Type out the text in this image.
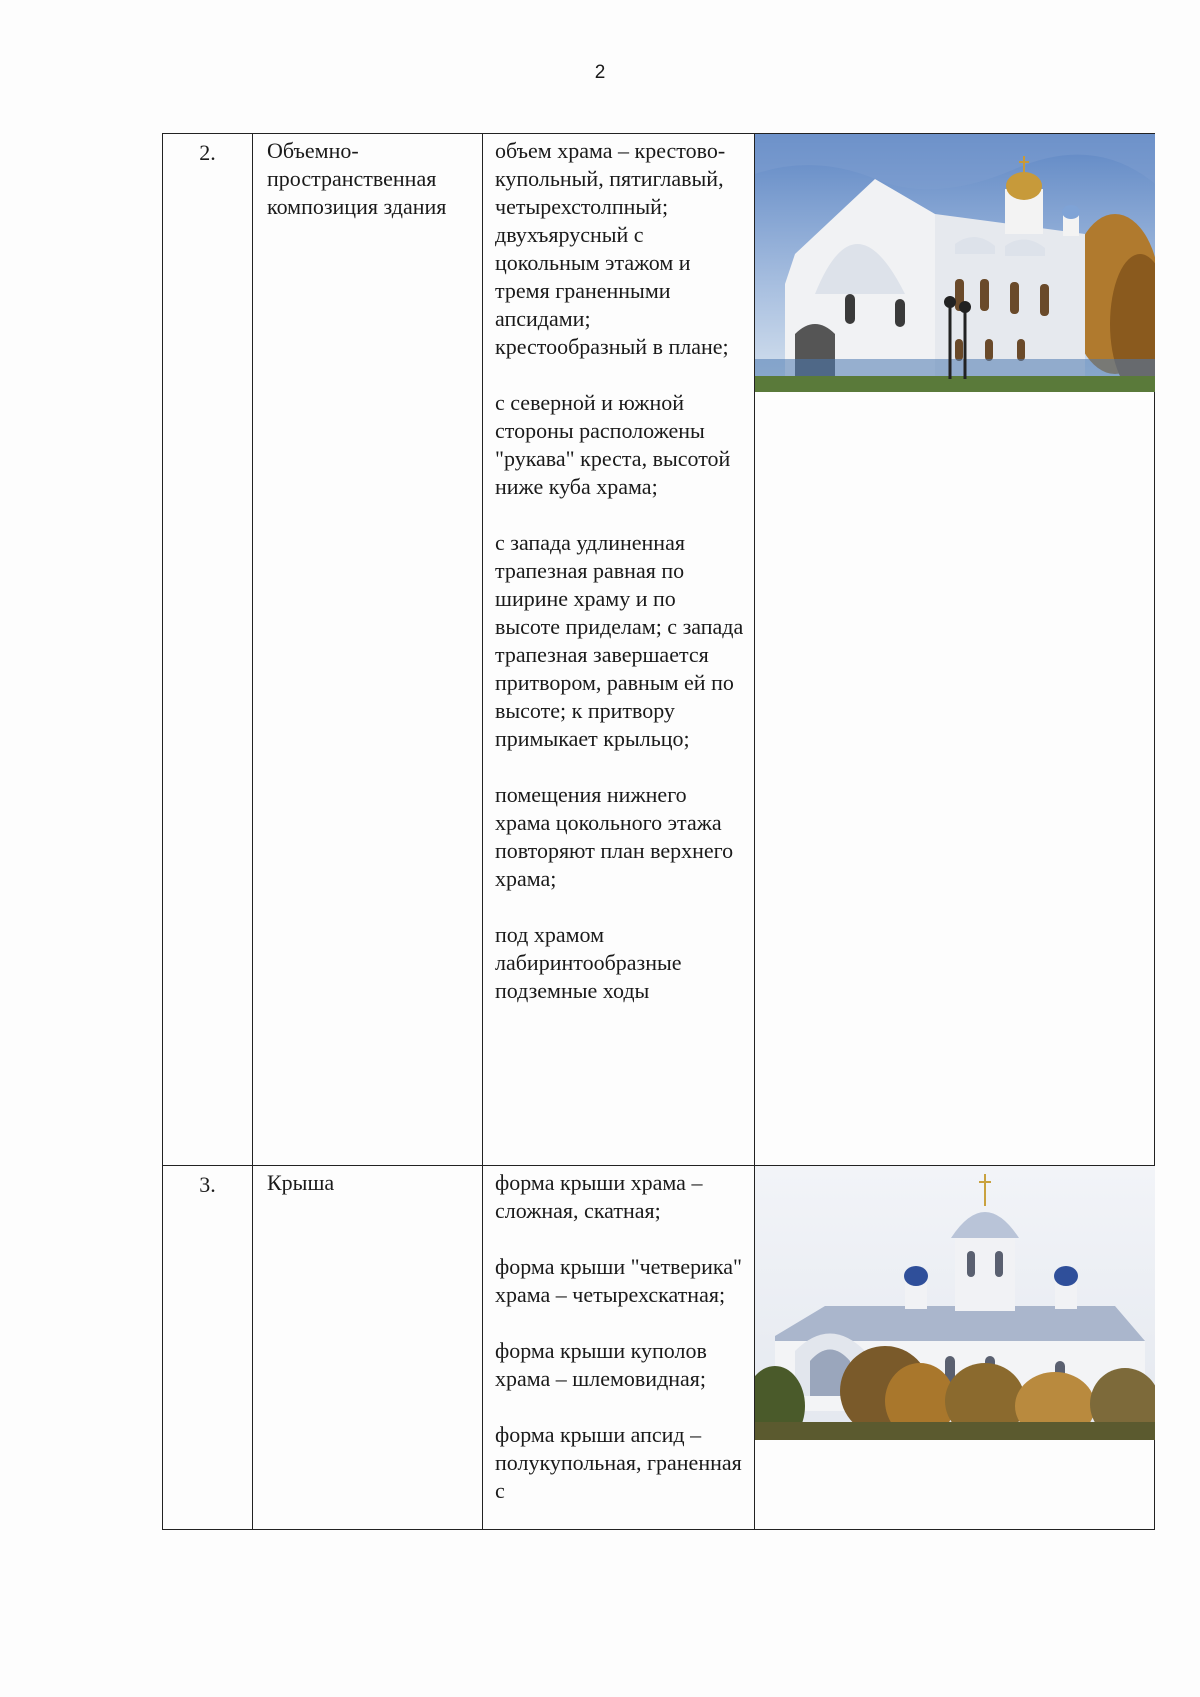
2
2.	Объемно-пространственная композиция здания	объем храма – крестово-купольный, пятиглавый, четырехстолпный; двухъярусный с цокольным этажом и тремя граненными апсидами; крестообразный в плане;

с северной и южной стороны расположены "рукава" креста, высотой ниже куба храма;

с запада удлиненная трапезная равная по ширине храму и по высоте приделам; с запада трапезная завершается притвором, равным ей по высоте; к притвору примыкает крыльцо;

помещения нижнего храма цокольного этажа повторяют план верхнего храма;

под храмом лабиринтообразные подземные ходы

3.	Крыша	форма крыши храма – сложная, скатная;

форма крыши "четверика" храма – четырехскатная;

форма крыши куполов храма – шлемовидная;

форма крыши апсид – полукупольная, граненная с
